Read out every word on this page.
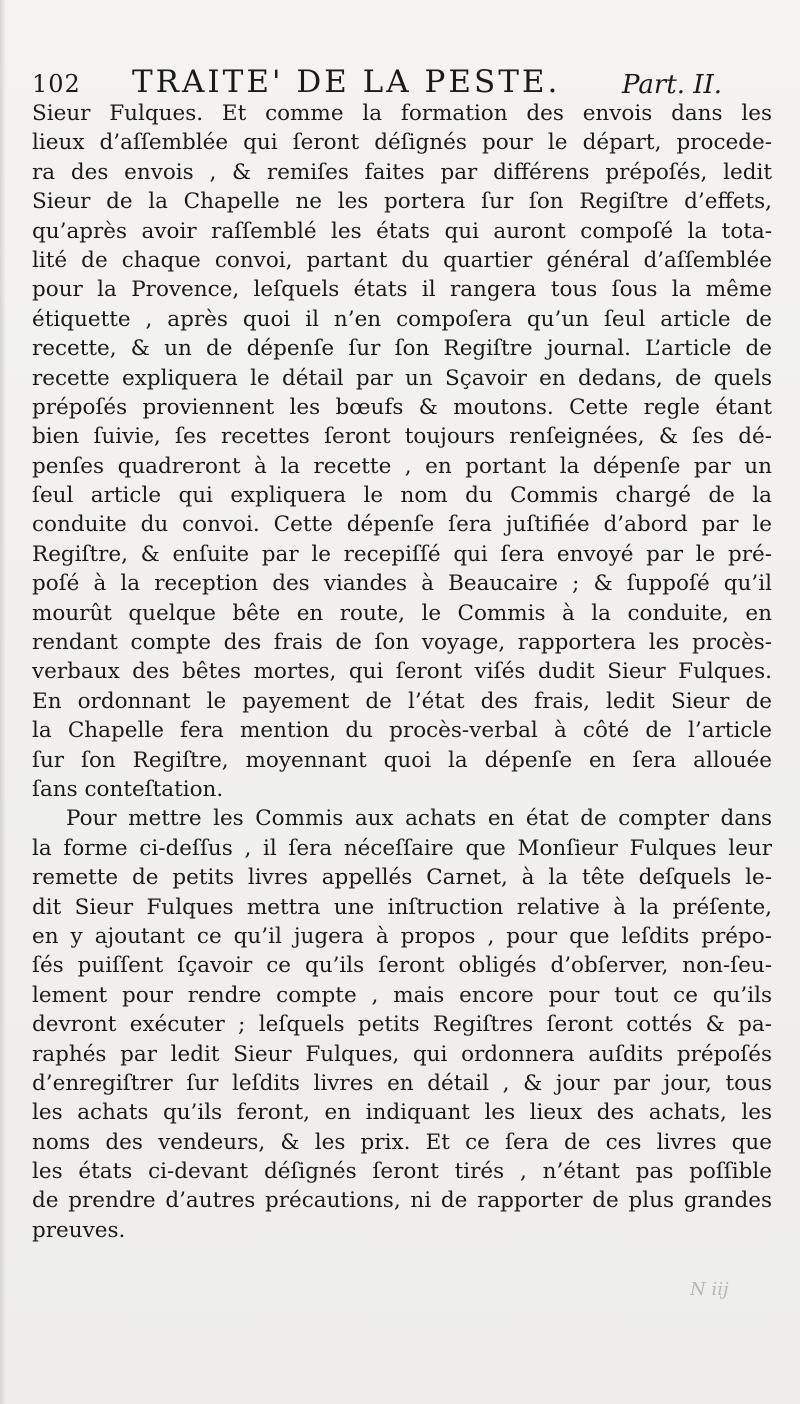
102 TRAITE' DE LA PESTE. Part. II.
Sieur Fulques. Et comme la formation des envois dans les
lieux d’aſſemblée qui ſeront déſignés pour le départ, procede-
ra des envois , & remiſes faites par différens prépoſés, ledit
Sieur de la Chapelle ne les portera ſur ſon Regiſtre d’effets,
qu’après avoir raſſemblé les états qui auront compoſé la tota-
lité de chaque convoi, partant du quartier général d’aſſemblée
pour la Provence, leſquels états il rangera tous ſous la même
étiquette , après quoi il n’en compoſera qu’un ſeul article de
recette, & un de dépenſe ſur ſon Regiſtre journal. L’article de
recette expliquera le détail par un Sçavoir en dedans, de quels
prépoſés proviennent les bœufs & moutons. Cette regle étant
bien ſuivie, ſes recettes ſeront toujours renſeignées, & ſes dé-
penſes quadreront à la recette , en portant la dépenſe par un
ſeul article qui expliquera le nom du Commis chargé de la
conduite du convoi. Cette dépenſe ſera juſtifiée d’abord par le
Regiſtre, & enſuite par le recepiſſé qui ſera envoyé par le pré-
poſé à la reception des viandes à Beaucaire ; & ſuppoſé qu’il
mourût quelque bête en route, le Commis à la conduite, en
rendant compte des frais de ſon voyage, rapportera les procès-
verbaux des bêtes mortes, qui ſeront viſés dudit Sieur Fulques.
En ordonnant le payement de l’état des frais, ledit Sieur de
la Chapelle fera mention du procès-verbal à côté de l’article
ſur ſon Regiſtre, moyennant quoi la dépenſe en ſera allouée
ſans conteſtation.
Pour mettre les Commis aux achats en état de compter dans
la forme ci-deſſus , il ſera néceſſaire que Monſieur Fulques leur
remette de petits livres appellés Carnet, à la tête deſquels le-
dit Sieur Fulques mettra une inſtruction relative à la préſente,
en y ajoutant ce qu’il jugera à propos , pour que leſdits prépo-
ſés puiſſent ſçavoir ce qu’ils ſeront obligés d’obſerver, non-ſeu-
lement pour rendre compte , mais encore pour tout ce qu’ils
devront exécuter ; leſquels petits Regiſtres ſeront cottés & pa-
raphés par ledit Sieur Fulques, qui ordonnera auſdits prépoſés
d’enregiſtrer ſur leſdits livres en détail , & jour par jour, tous
les achats qu’ils feront, en indiquant les lieux des achats, les
noms des vendeurs, & les prix. Et ce ſera de ces livres que
les états ci-devant déſignés ſeront tirés , n’étant pas poſſible
de prendre d’autres précautions, ni de rapporter de plus grandes
preuves.
N iij
